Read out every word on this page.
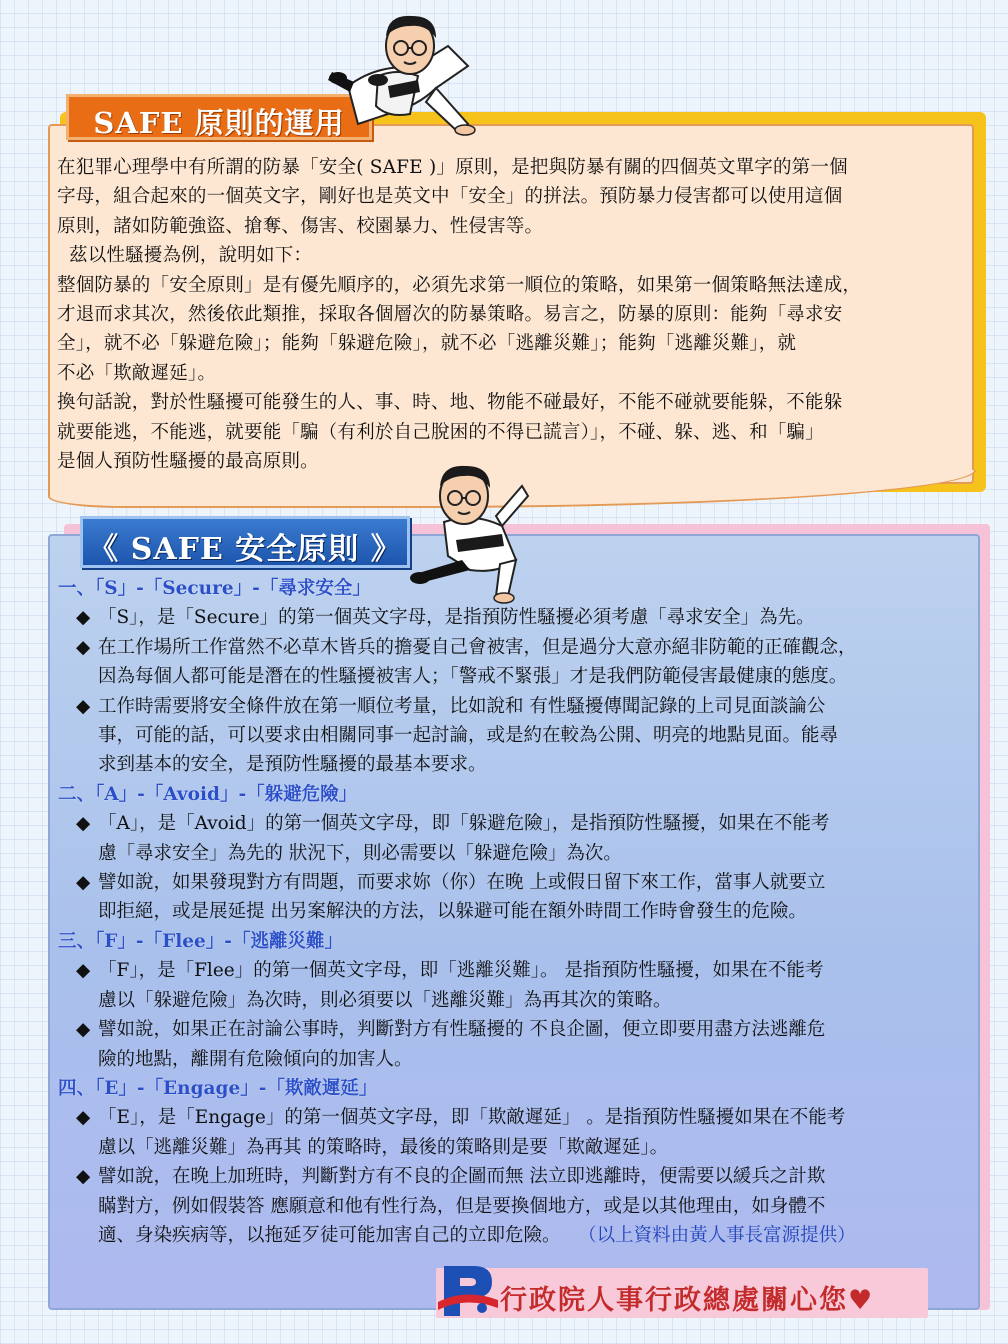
SAFE 原則的運用

在犯罪心理學中有所謂的防暴「安全( SAFE )」原則，是把與防暴有關的四個英文單字的第一個

字母，組合起來的一個英文字，剛好也是英文中「安全」的拼法。預防暴力侵害都可以使用這個

原則，諸如防範強盜、搶奪、傷害、校園暴力、性侵害等。

茲以性騷擾為例，說明如下：

整個防暴的「安全原則」是有優先順序的，必須先求第一順位的策略，如果第一個策略無法達成，

才退而求其次，然後依此類推，採取各個層次的防暴策略。易言之，防暴的原則：能夠「尋求安

全」，就不必「躲避危險」；能夠「躲避危險」，就不必「逃離災難」；能夠「逃離災難」，就

不必「欺敵遲延」。

換句話說，對於性騷擾可能發生的人、事、時、地、物能不碰最好，不能不碰就要能躲，不能躲

就要能逃，不能逃，就要能「騙（有利於自己脫困的不得已謊言）」，不碰、躲、逃、和「騙」

是個人預防性騷擾的最高原則。

《 SAFE 安全原則 》
一、「S」-「Secure」-「尋求安全」
◆ 「S」，是「Secure」的第一個英文字母，是指預防性騷擾必須考慮「尋求安全」為先。
◆ 在工作場所工作當然不必草木皆兵的擔憂自己會被害，但是過分大意亦絕非防範的正確觀念，
因為每個人都可能是潛在的性騷擾被害人；「警戒不緊張」才是我們防範侵害最健康的態度。
◆ 工作時需要將安全條件放在第一順位考量，比如說和 有性騷擾傳聞記錄的上司見面談論公
事，可能的話，可以要求由相關同事一起討論，或是約在較為公開、明亮的地點見面。能尋
求到基本的安全，是預防性騷擾的最基本要求。
二、「A」-「Avoid」-「躲避危險」
◆ 「A」，是「Avoid」的第一個英文字母，即「躲避危險」，是指預防性騷擾，如果在不能考
慮「尋求安全」為先的 狀況下，則必需要以「躲避危險」為次。
◆ 譬如說，如果發現對方有問題，而要求妳（你）在晚 上或假日留下來工作，當事人就要立
即拒絕，或是展延提 出另案解決的方法，以躲避可能在額外時間工作時會發生的危險。
三、「F」-「Flee」-「逃離災難」
◆ 「F」，是「Flee」的第一個英文字母，即「逃離災難」。 是指預防性騷擾，如果在不能考
慮以「躲避危險」為次時，則必須要以「逃離災難」為再其次的策略。
◆ 譬如說，如果正在討論公事時，判斷對方有性騷擾的 不良企圖，便立即要用盡方法逃離危
險的地點，離開有危險傾向的加害人。
四、「E」-「Engage」-「欺敵遲延」
◆ 「E」，是「Engage」的第一個英文字母，即「欺敵遲延」 。是指預防性騷擾如果在不能考
慮以「逃離災難」為再其 的策略時，最後的策略則是要「欺敵遲延」。
◆ 譬如說，在晚上加班時，判斷對方有不良的企圖而無 法立即逃離時，便需要以緩兵之計欺
瞞對方，例如假裝答 應願意和他有性行為，但是要換個地方，或是以其他理由，如身體不
適、身染疾病等，以拖延歹徒可能加害自己的立即危險。 （以上資料由黃人事長富源提供）
行政院人事行政總處關心您♥
